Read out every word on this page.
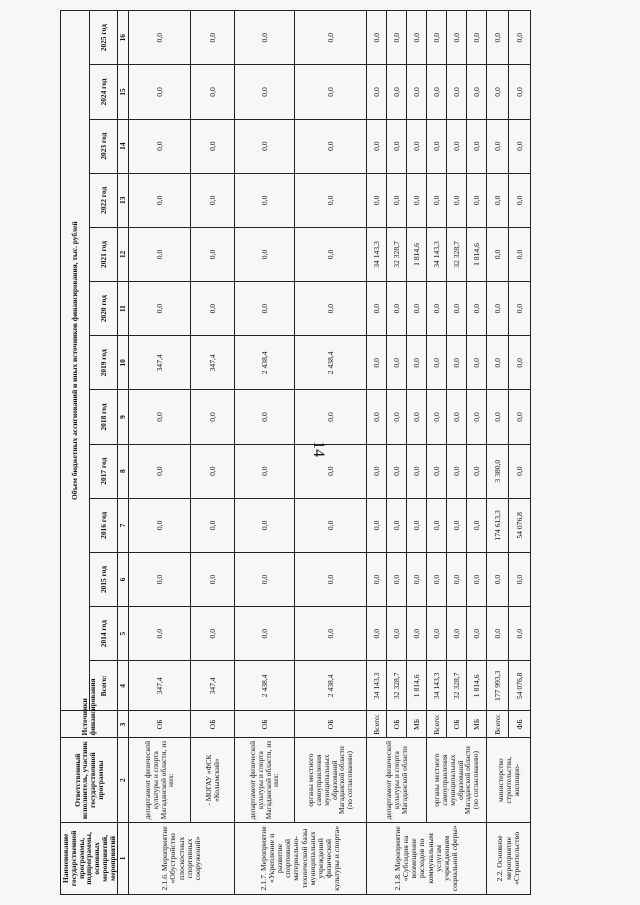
14
Наименование государственной программы, подпрограммы, основных мероприятий, мероприятий	Ответственный исполнитель, участник государственной программы	Источники финансирования	Объем бюджетных ассигнований и иных источников финансирования, тыс. рублей												
			Всего:	2014 год	2015 год	2016 год	2017 год	2018 год	2019 год	2020 год	2021 год	2022 год	2023 год	2024 год	2025 год
1	2	3	4	5	6	7	8	9	10	11	12	13	14	15	16
2.1.6. Мероприятие «Обустройство плоскостных спортивных сооружений»	департамент физической культуры и спорта Магаданской области, из них:	ОБ	347,4	0,0	0,0	0,0	0,0	0,0	347,4	0,0	0,0	0,0	0,0	0,0	0,0
	- МОГАУ «ФСК «Колымский»	ОБ	347,4	0,0	0,0	0,0	0,0	0,0	347,4	0,0	0,0	0,0	0,0	0,0	0,0
2.1.7. Мероприятие «Укрепление и развитие спортивной материально-технической базы муниципальных учреждений физической культуры и спорта»	департамент физической культуры и спорта Магаданской области, из них:	ОБ	2 438,4	0,0	0,0	0,0	0,0	0,0	2 438,4	0,0	0,0	0,0	0,0	0,0	0,0
	органы местного самоуправления муниципальных образований Магаданской области (по согласованию)	ОБ	2 438,4	0,0	0,0	0,0	0,0	0,0	2 438,4	0,0	0,0	0,0	0,0	0,0	0,0
2.1.8. Мероприятие «Субсидия на возмещение расходов по коммунальным услугам учреждениям социальной сферы»	департамент физической культуры и спорта Магаданской области	Всего:	34 143,3	0,0	0,0	0,0	0,0	0,0	0,0	0,0	34 143,3	0,0	0,0	0,0	0,0
		ОБ	32 328,7	0,0	0,0	0,0	0,0	0,0	0,0	0,0	32 328,7	0,0	0,0	0,0	0,0
		МБ	1 814,6	0,0	0,0	0,0	0,0	0,0	0,0	0,0	1 814,6	0,0	0,0	0,0	0,0
	органы местного самоуправления муниципальных образований Магаданской области (по согласованию)	Всего:	34 143,3	0,0	0,0	0,0	0,0	0,0	0,0	0,0	34 143,3	0,0	0,0	0,0	0,0
		ОБ	32 328,7	0,0	0,0	0,0	0,0	0,0	0,0	0,0	32 328,7	0,0	0,0	0,0	0,0
		МБ	1 814,6	0,0	0,0	0,0	0,0	0,0	0,0	0,0	1 814,6	0,0	0,0	0,0	0,0
2.2. Основное мероприятие «Строительство	министерство строительства, жилищно-	Всего:	177 993,3	0,0	0,0	174 613,3	3 380,0	0,0	0,0	0,0	0,0	0,0	0,0	0,0	0,0
		ФБ	54 076,8	0,0	0,0	54 076,8	0,0	0,0	0,0	0,0	0,0	0,0	0,0	0,0	0,0
